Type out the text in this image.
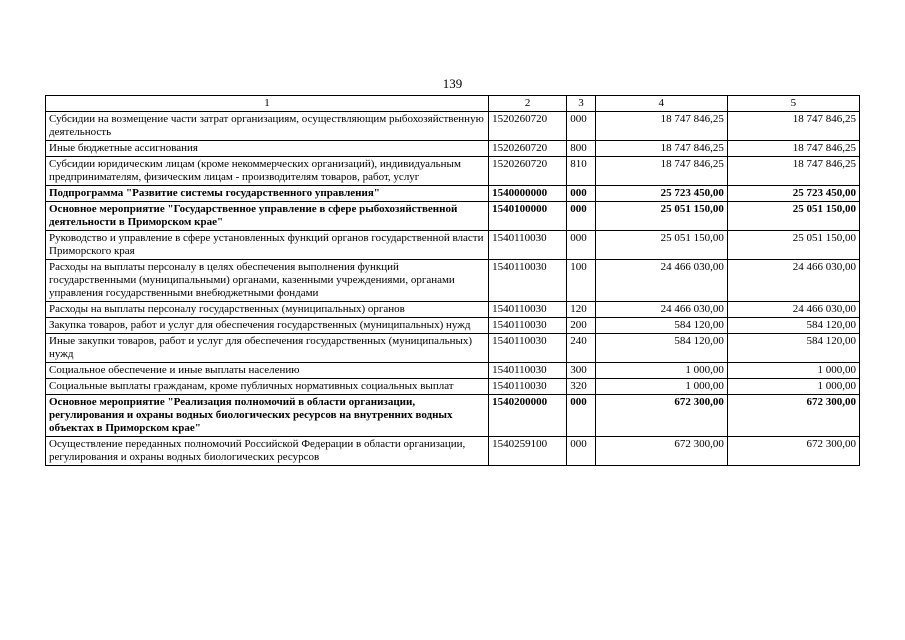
139
1	2	3	4	5
Субсидии на возмещение части затрат организациям, осуществляющим рыбохозяйственную деятельность	1520260720	000	18 747 846,25	18 747 846,25
Иные бюджетные ассигнования	1520260720	800	18 747 846,25	18 747 846,25
Субсидии юридическим лицам (кроме некоммерческих организаций), индивидуальным предпринимателям, физическим лицам - производителям товаров, работ, услуг	1520260720	810	18 747 846,25	18 747 846,25
Подпрограмма "Развитие системы государственного управления"	1540000000	000	25 723 450,00	25 723 450,00
Основное мероприятие "Государственное управление в сфере рыбохозяйственной деятельности в Приморском крае"	1540100000	000	25 051 150,00	25 051 150,00
Руководство и управление в сфере установленных функций органов государственной власти Приморского края	1540110030	000	25 051 150,00	25 051 150,00
Расходы на выплаты персоналу в целях обеспечения выполнения функций государственными (муниципальными) органами, казенными учреждениями, органами управления государственными внебюджетными фондами	1540110030	100	24 466 030,00	24 466 030,00
Расходы на выплаты персоналу государственных (муниципальных) органов	1540110030	120	24 466 030,00	24 466 030,00
Закупка товаров, работ и услуг для обеспечения государственных (муниципальных) нужд	1540110030	200	584 120,00	584 120,00
Иные закупки товаров, работ и услуг для обеспечения государственных (муниципальных) нужд	1540110030	240	584 120,00	584 120,00
Социальное обеспечение и иные выплаты населению	1540110030	300	1 000,00	1 000,00
Социальные выплаты гражданам, кроме публичных нормативных социальных выплат	1540110030	320	1 000,00	1 000,00
Основное мероприятие "Реализация полномочий в области организации, регулирования и охраны водных биологических ресурсов на внутренних водных объектах в Приморском крае"	1540200000	000	672 300,00	672 300,00
Осуществление переданных полномочий Российской Федерации в области организации, регулирования и охраны водных биологических ресурсов	1540259100	000	672 300,00	672 300,00
